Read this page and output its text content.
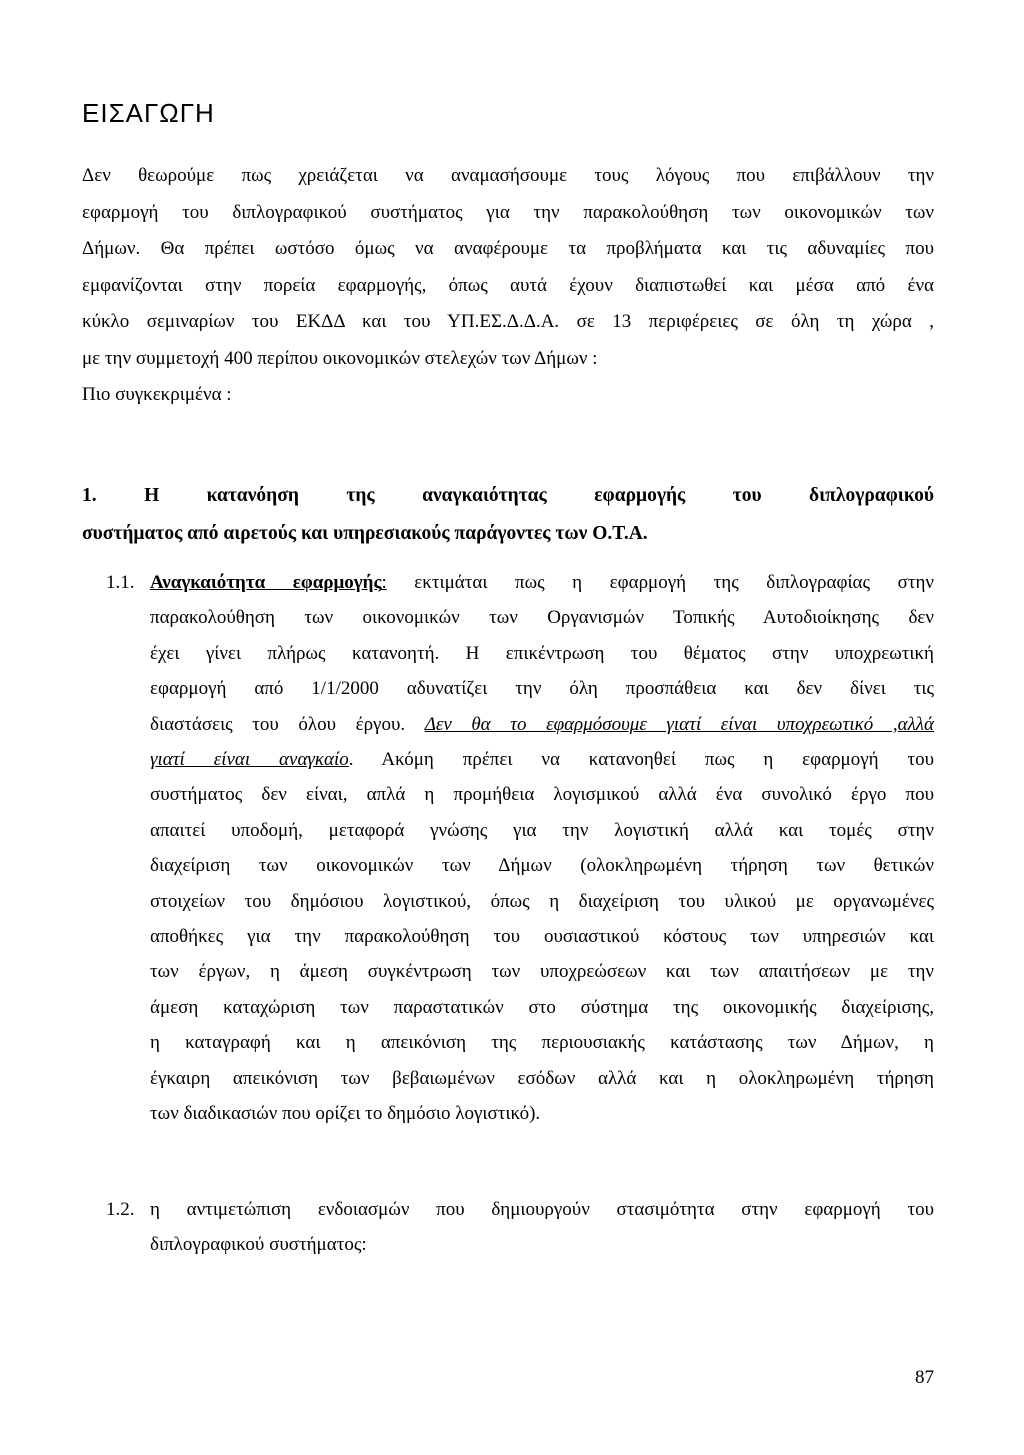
ΕΙΣΑΓΩΓΗ
Δεν θεωρούμε πως χρειάζεται να αναμασήσουμε τους λόγους που επιβάλλουν την
εφαρμογή του διπλογραφικού συστήματος για την παρακολούθηση των οικονομικών των
Δήμων. Θα πρέπει ωστόσο όμως να αναφέρουμε τα προβλήματα και τις αδυναμίες που
εμφανίζονται στην πορεία εφαρμογής, όπως αυτά έχουν διαπιστωθεί και μέσα από ένα
κύκλο σεμιναρίων του ΕΚΔΔ και του ΥΠ.ΕΣ.Δ.Δ.Α. σε 13 περιφέρειες σε όλη τη χώρα ,
με την συμμετοχή 400 περίπου οικονομικών στελεχών των Δήμων :
Πιο συγκεκριμένα :
1. Η κατανόηση της αναγκαιότητας εφαρμογής του διπλογραφικού
συστήματος από αιρετούς και υπηρεσιακούς παράγοντες των Ο.Τ.Α.
1.1. Αναγκαιότητα εφαρμογής: εκτιμάται πως η εφαρμογή της διπλογραφίας στην
παρακολούθηση των οικονομικών των Οργανισμών Τοπικής Αυτοδιοίκησης δεν
έχει γίνει πλήρως κατανοητή. Η επικέντρωση του θέματος στην υποχρεωτική
εφαρμογή από 1/1/2000 αδυνατίζει την όλη προσπάθεια και δεν δίνει τις
διαστάσεις του όλου έργου. Δεν θα το εφαρμόσουμε γιατί είναι υποχρεωτικό ,αλλά
γιατί είναι αναγκαίο. Ακόμη πρέπει να κατανοηθεί πως η εφαρμογή του
συστήματος δεν είναι, απλά η προμήθεια λογισμικού αλλά ένα συνολικό έργο που
απαιτεί υποδομή, μεταφορά γνώσης για την λογιστική αλλά και τομές στην
διαχείριση των οικονομικών των Δήμων (ολοκληρωμένη τήρηση των θετικών
στοιχείων του δημόσιου λογιστικού, όπως η διαχείριση του υλικού με οργανωμένες
αποθήκες για την παρακολούθηση του ουσιαστικού κόστους των υπηρεσιών και
των έργων, η άμεση συγκέντρωση των υποχρεώσεων και των απαιτήσεων με την
άμεση καταχώριση των παραστατικών στο σύστημα της οικονομικής διαχείρισης,
η καταγραφή και η απεικόνιση της περιουσιακής κατάστασης των Δήμων, η
έγκαιρη απεικόνιση των βεβαιωμένων εσόδων αλλά και η ολοκληρωμένη τήρηση
των διαδικασιών που ορίζει το δημόσιο λογιστικό).
1.2. η αντιμετώπιση ενδοιασμών που δημιουργούν στασιμότητα στην εφαρμογή του
διπλογραφικού συστήματος:
87
